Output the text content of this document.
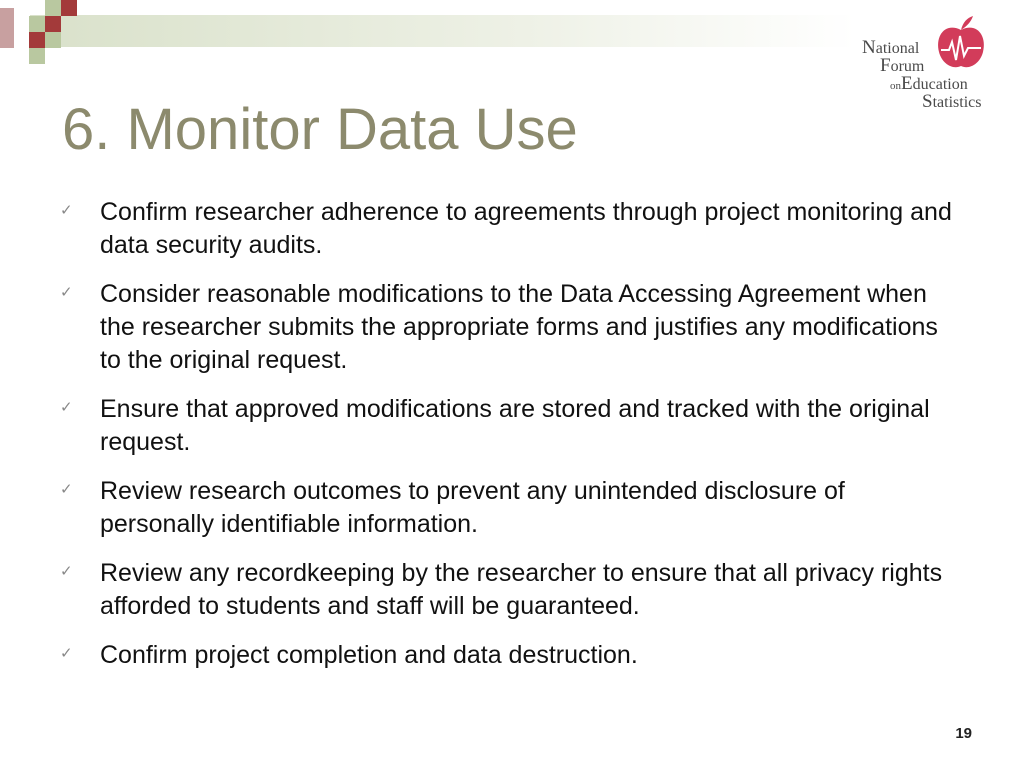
National
Forum
onEducation
Statistics
6. Monitor Data Use
✓ Confirm researcher adherence to agreements through project monitoring and data security audits.
✓ Consider reasonable modifications to the Data Accessing Agreement when the researcher submits the appropriate forms and justifies any modifications to the original request.
✓ Ensure that approved modifications are stored and tracked with the original request.
✓ Review research outcomes to prevent any unintended disclosure of personally identifiable information.
✓ Review any recordkeeping by the researcher to ensure that all privacy rights afforded to students and staff will be guaranteed.
✓ Confirm project completion and data destruction.
19
